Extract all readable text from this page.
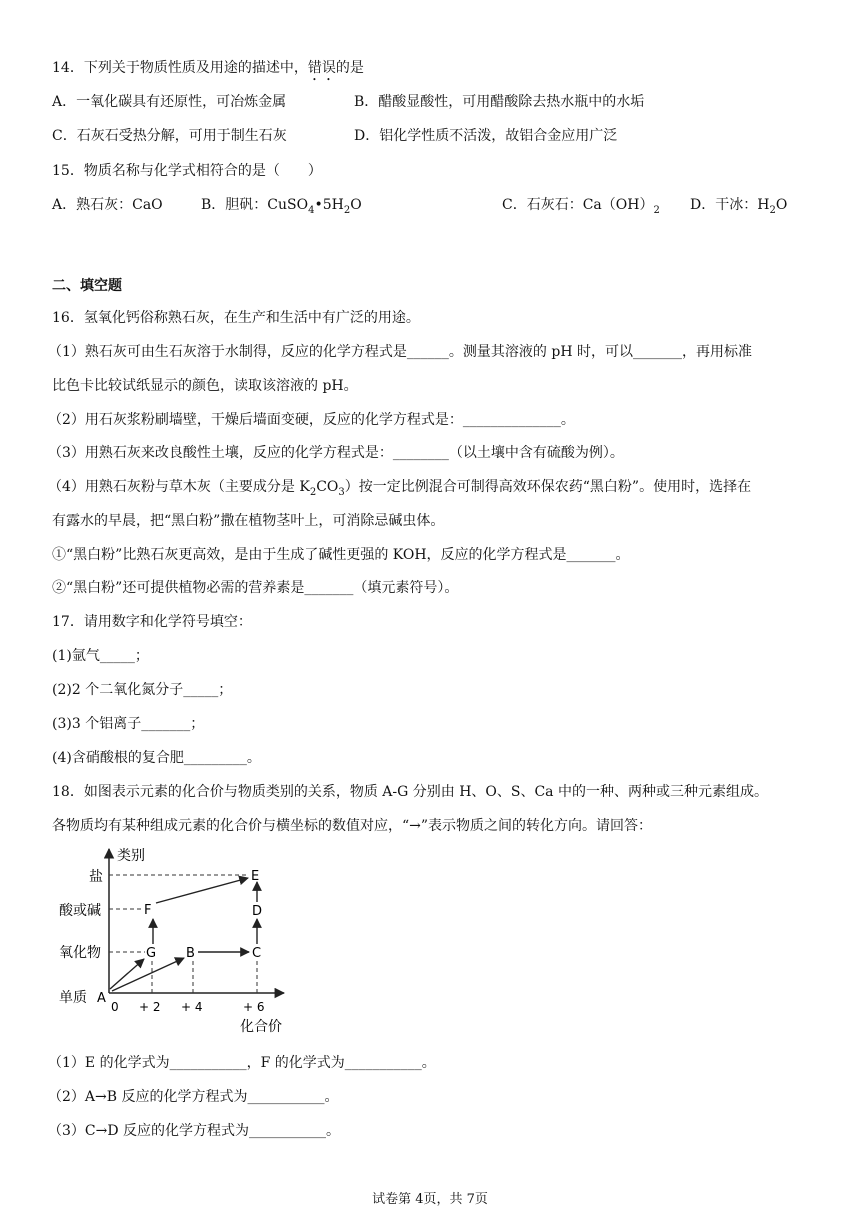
14．下列关于物质性质及用途的描述中，错误的是
A．一氧化碳具有还原性，可冶炼金属	B．醋酸显酸性，可用醋酸除去热水瓶中的水垢
C．石灰石受热分解，可用于制生石灰	D．铝化学性质不活泼，故铝合金应用广泛
15．物质名称与化学式相符合的是（　　）
A．熟石灰：CaO	B．胆矾：$CuSO_4•5H_2O$	C．石灰石：$Ca(OH)_2$ D．干冰：$H_2O$
二、填空题
16．氢氧化钙俗称熟石灰，在生产和生活中有广泛的用途。
（1）熟石灰可由生石灰溶于水制得，反应的化学方程式是______。测量其溶液的 pH 时，可以_______，再用标准
比色卡比较试纸显示的颜色，读取该溶液的 pH。
（2）用石灰浆粉刷墙壁，干燥后墙面变硬，反应的化学方程式是：______________。
（3）用熟石灰来改良酸性土壤，反应的化学方程式是：________（以土壤中含有硫酸为例）。
（4）用熟石灰粉与草木灰（主要成分是 $K_2CO_3$）按一定比例混合可制得高效环保农药“黑白粉”。使用时，选择在
有露水的早晨，把“黑白粉”撒在植物茎叶上，可消除忌碱虫体。
①“黑白粉”比熟石灰更高效，是由于生成了碱性更强的 KOH，反应的化学方程式是_______。
②“黑白粉”还可提供植物必需的营养素是_______（填元素符号）。
17．请用数字和化学符号填空：
(1)氩气_____；
(2)2 个二氧化氮分子_____；
(3)3 个铝离子_______；
(4)含硝酸根的复合肥_________。
18．如图表示元素的化合价与物质类别的关系，物质 A-G 分别由 H、O、S、Ca 中的一种、两种或三种元素组成。
各物质均有某种组成元素的化合价与横坐标的数值对应，“→”表示物质之间的转化方向。请回答：
类别
化合价
盐
酸或碱
氧化物
单质
0 + 2 + 4	+ 6
A
B	C
D
E
F
G
（1）E 的化学式为___________，F 的化学式为___________。
（2）A→B 反应的化学方程式为___________。
（3）C→D 反应的化学方程式为___________。
试卷第 4页，共 7页
